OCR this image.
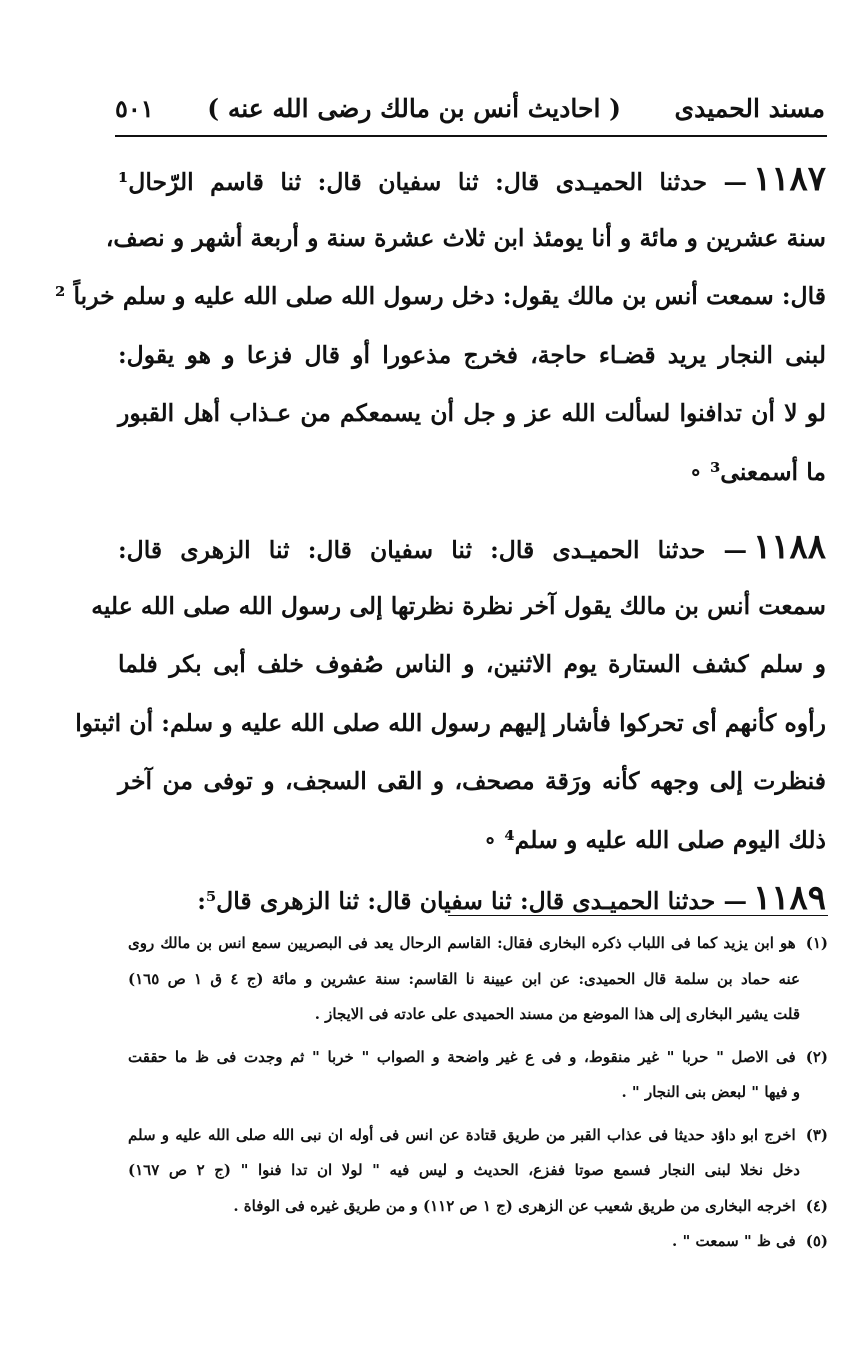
مسند الحميدى
( احاديث أنس بن مالك رضى الله عنه )
٥٠١
١١٨٧— حدثنا الحميـدى قال: ثنا سفيان قال: ثنا قاسم الرّحال¹
سنة عشرين و مائة و أنا يومئذ ابن ثلاث عشرة سنة و أربعة أشهر و نصف،
قال: سمعت أنس بن مالك يقول: دخل رسول الله صلى الله عليه و سلم خرباً ²
لبنى النجار يريد قضـاء حاجة، فخرج مذعورا أو قال فزعا و هو يقول:
لو لا أن تدافنوا لسألت الله عز و جل أن يسمعكم من عـذاب أهل القبور
ما أسمعنى³ ∘
١١٨٨— حدثنا الحميـدى قال: ثنا سفيان قال: ثنا الزهرى قال:
سمعت أنس بن مالك يقول آخر نظرة نظرتها إلى رسول الله صلى الله عليه
و سلم كشف الستارة يوم الاثنين، و الناس صُفوف خلف أبى بكر فلما
رأوه كأنهم أى تحركوا فأشار إليهم رسول الله صلى الله عليه و سلم: أن اثبتوا
فنظرت إلى وجهه كأنه ورَقة مصحف، و القى السجف، و توفى من آخر
ذلك اليوم صلى الله عليه و سلم⁴ ∘
١١٨٩— حدثنا الحميـدى قال: ثنا سفيان قال: ثنا الزهرى قال⁵:
(١)هو ابن يزيد كما فى اللباب ذكره البخارى فقال: القاسم الرحال يعد فى البصريين سمع انس بن مالك روى
عنه حماد بن سلمة قال الحميدى: عن ابن عيينة نا القاسم: سنة عشرين و مائة (ج ٤ ق ١ ص ١٦٥)
قلت يشير البخارى إلى هذا الموضع من مسند الحميدى على عادته فى الايجاز .
(٢)فى الاصل " حربا " غير منقوط، و فى ع غير واضحة و الصواب " خربا " ثم وجدت فى ظ ما حققت
و فيها " لبعض بنى النجار " .
(٣)اخرج ابو داؤد حديثا فى عذاب القبر من طريق قتادة عن انس فى أوله ان نبى الله صلى الله عليه و سلم
دخل نخلا لبنى النجار فسمع صوتا ففزع، الحديث و ليس فيه " لولا ان تدا فنوا " (ج ٢ ص ١٦٧)
(٤)اخرجه البخارى من طريق شعيب عن الزهرى (ج ١ ص ١١٢) و من طريق غيره فى الوفاة .
(٥)فى ظ " سمعت " .
